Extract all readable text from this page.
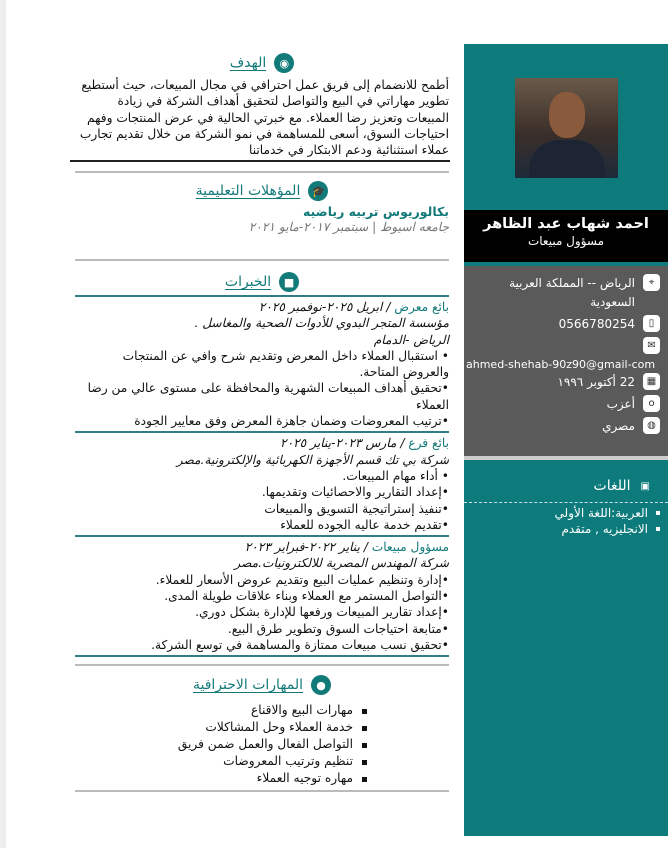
◉
الهدف

أطمح للانضمام إلى فريق عمل احترافي في مجال المبيعات، حيث أستطيع تطوير مهاراتي في البيع والتواصل لتحقيق أهداف الشركة في زيادة المبيعات وتعزيز رضا العملاء. مع خبرتي الحالية في عرض المنتجات وفهم احتياجات السوق، أسعى للمساهمة في نمو الشركة من خلال تقديم تجارب عملاء استثنائية ودعم الابتكار في خدماتنا

🎓
المؤهلات التعليمية
بكالوريوس تربيه رياضيه
جامعه اسيوط | سبتمبر ٢٠١٧-مايو ٢٠٢١
■
الخبرات
بائع معرض / ابريل ٢٠٢٥-نوفمبر ٢٠٢٥
مؤسسة المتجر البدوي للأدوات الصحية والمغاسل .
الرياض -الدمام
• استقبال العملاء داخل المعرض وتقديم شرح وافي عن المنتجات والعروض المتاحة.
•تحقيق أهداف المبيعات الشهرية والمحافظة على مستوى عالي من رضا العملاء
•ترتيب المعروضات وضمان جاهزة المعرض وفق معايير الجودة
بائع فرع / مارس ٢٠٢٣-يناير ٢٠٢٥
شركة بي تك قسم الأجهزة الكهربائية والإلكترونية.مصر
• أداء مهام المبيعات.
•إعداد التقارير والاحصائيات وتقديمها.
•تنفيذ إستراتيجية التسويق والمبيعات
•تقديم خدمة عاليه الجوده للعملاء
مسؤول مبيعات / يناير ٢٠٢٢-فبراير ٢٠٢٣
شركة المهندس المصرية للالكترونيات.مصر
•إدارة وتنظيم عمليات البيع وتقديم عروض الأسعار للعملاء.
•التواصل المستمر مع العملاء وبناء علاقات طويلة المدى.
•إعداد تقارير المبيعات ورفعها للإدارة بشكل دوري.
•متابعة احتياجات السوق وتطوير طرق البيع.
•تحقيق نسب مبيعات ممتازة والمساهمة في توسع الشركة.
●
المهارات الاحترافية
مهارات البيع والاقناع
خدمة العملاء وحل المشاكلات
التواصل الفعال والعمل ضمن فريق
تنظيم وترتيب المعروضات
مهاره توجيه العملاء
احمد شهاب عبد الظاهر
مسؤول مبيعات
⌖
الرياض -- المملكة العربية السعودية
▯
0566780254
✉
ahmed-shehab-90z90@gmail-com
▦
22 أكتوبر ١٩٩٦
o
أعزب
◍
مصري
▣
اللغات
العربية:اللغة الأولي
الانجليزيه , متقدم
